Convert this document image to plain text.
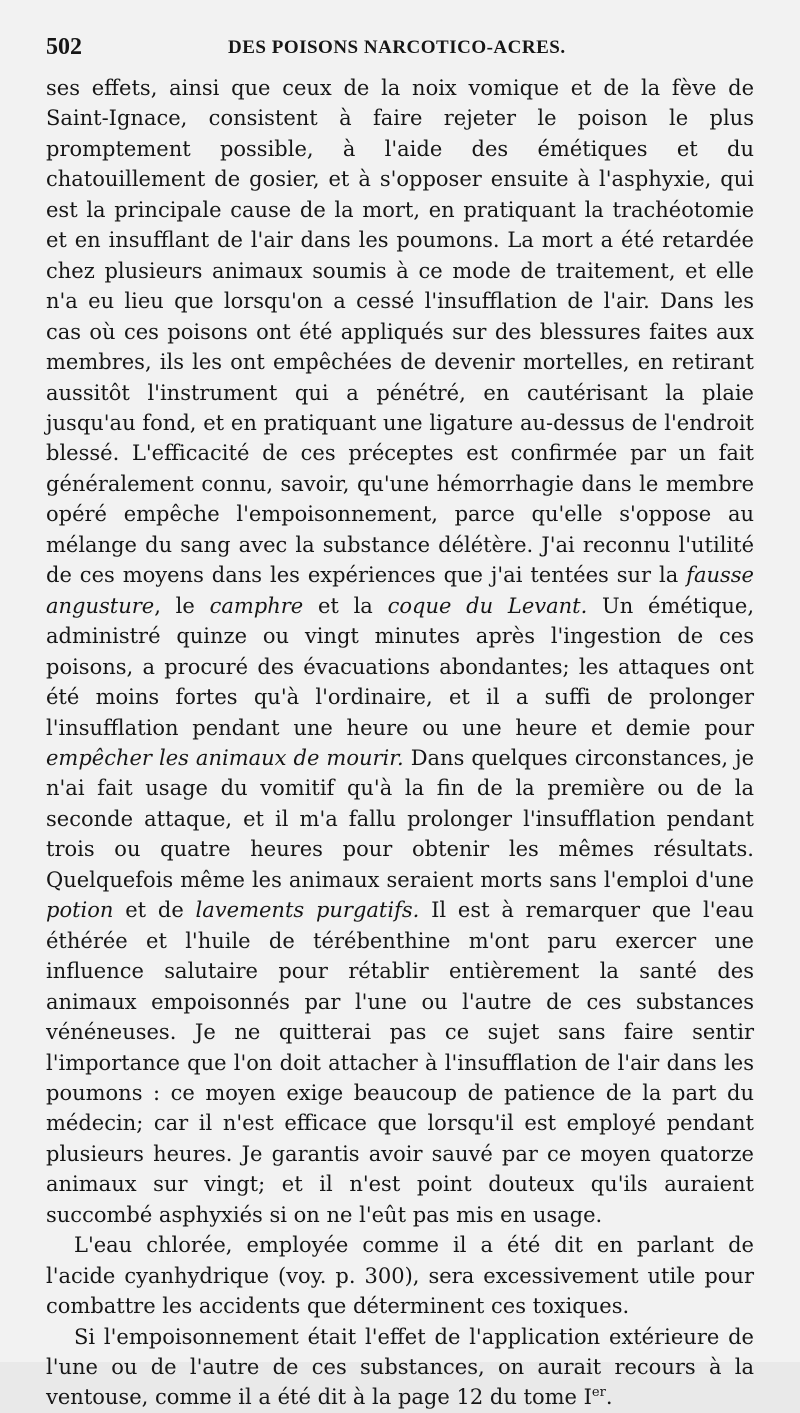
502	DES POISONS NARCOTICO-ACRES.

ses effets, ainsi que ceux de la noix vomique et de la fève de Saint-Ignace, consistent à faire rejeter le poison le plus promptement possible, à l'aide des émétiques et du chatouillement de gosier, et à s'opposer ensuite à l'asphyxie, qui est la principale cause de la mort, en pratiquant la trachéotomie et en insufflant de l'air dans les poumons. La mort a été retardée chez plusieurs animaux soumis à ce mode de traitement, et elle n'a eu lieu que lorsqu'on a cessé l'insufflation de l'air. Dans les cas où ces poisons ont été appliqués sur des blessures faites aux membres, ils les ont empêchées de devenir mortelles, en retirant aussitôt l'instrument qui a pénétré, en cautérisant la plaie jusqu'au fond, et en pratiquant une ligature au-dessus de l'endroit blessé. L'efficacité de ces préceptes est confirmée par un fait généralement connu, savoir, qu'une hémorrhagie dans le membre opéré empêche l'empoisonnement, parce qu'elle s'oppose au mélange du sang avec la substance délétère. J'ai reconnu l'utilité de ces moyens dans les expériences que j'ai tentées sur la fausse angusture, le camphre et la coque du Levant. Un émétique, administré quinze ou vingt minutes après l'ingestion de ces poisons, a procuré des évacuations abondantes; les attaques ont été moins fortes qu'à l'ordinaire, et il a suffi de prolonger l'insufflation pendant une heure ou une heure et demie pour empêcher les animaux de mourir. Dans quelques circonstances, je n'ai fait usage du vomitif qu'à la fin de la première ou de la seconde attaque, et il m'a fallu prolonger l'insufflation pendant trois ou quatre heures pour obtenir les mêmes résultats. Quelquefois même les animaux seraient morts sans l'emploi d'une potion et de lavements purgatifs. Il est à remarquer que l'eau éthérée et l'huile de térébenthine m'ont paru exercer une influence salutaire pour rétablir entièrement la santé des animaux empoisonnés par l'une ou l'autre de ces substances vénéneuses. Je ne quitterai pas ce sujet sans faire sentir l'importance que l'on doit attacher à l'insufflation de l'air dans les poumons : ce moyen exige beaucoup de patience de la part du médecin; car il n'est efficace que lorsqu'il est employé pendant plusieurs heures. Je garantis avoir sauvé par ce moyen quatorze animaux sur vingt; et il n'est point douteux qu'ils auraient succombé asphyxiés si on ne l'eût pas mis en usage.

L'eau chlorée, employée comme il a été dit en parlant de l'acide cyanhydrique (voy. p. 300), sera excessivement utile pour combattre les accidents que déterminent ces toxiques.

Si l'empoisonnement était l'effet de l'application extérieure de l'une ou de l'autre de ces substances, on aurait recours à la ventouse, comme il a été dit à la page 12 du tome Ier.
